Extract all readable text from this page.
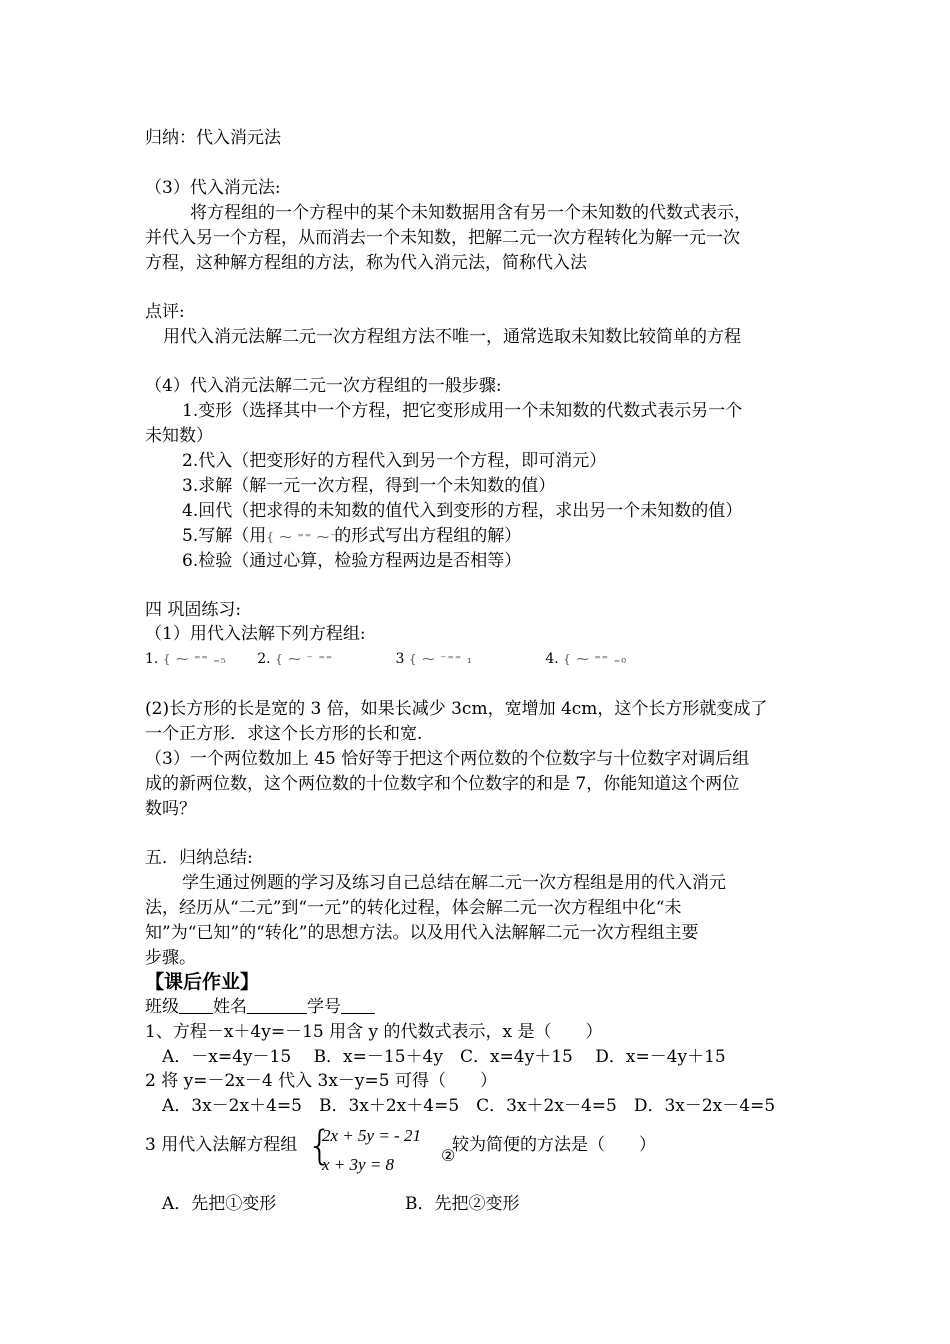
归纳：代入消元法
（3）代入消元法:
将方程组的一个方程中的某个未知数据用含有另一个未知数的代数式表示，
并代入另一个方程，从而消去一个未知数，把解二元一次方程转化为解一元一次
方程，这种解方程组的方法，称为代入消元法，简称代入法
点评:
用代入消元法解二元一次方程组方法不唯一，通常选取未知数比较简单的方程
（4）代入消元法解二元一次方程组的一般步骤:
1.变形（选择其中一个方程，把它变形成用一个未知数的代数式表示另一个
未知数）
2.代入（把变形好的方程代入到另一个方程，即可消元）
3.求解（解一元一次方程，得到一个未知数的值）
4.回代（把求得的未知数的值代入到变形的方程，求出另一个未知数的值）
5.写解（用{ ⁓ ⁼⁼ ⁓⁻的形式写出方程组的解）
6.检验（通过心算，检验方程两边是否相等）
四 巩固练习:
（1）用代入法解下列方程组:
1. { ⁓ ⁼⁼ ₌₅ 2. { ⁓ ⁻ ⁼⁼	3 { ⁓ ⁻⁼⁼ ₁	4. { ⁓ ⁼⁼ ₌₀
(2)长方形的长是宽的 3 倍，如果长减少 3cm，宽增加 4cm，这个长方形就变成了
一个正方形．求这个长方形的长和宽.
（3）一个两位数加上 45 恰好等于把这个两位数的个位数字与十位数字对调后组
成的新两位数，这个两位数的十位数字和个位数字的和是 7，你能知道这个两位
数吗？
五．归纳总结:
学生通过例题的学习及练习自己总结在解二元一次方程组是用的代入消元
法，经历从“二元”到“一元”的转化过程，体会解二元一次方程组中化“未
知”为“已知”的“转化”的思想方法。以及用代入法解解二元一次方程组主要
步骤。
【课后作业】
班级 姓名	学号
1、方程－x＋4y=－15 用含 y 的代数式表示，x 是（　　）
A．－x=4y－15　 B．x=－15＋4y　C．x=4y＋15　 D．x=－4y＋15
2 将 y=－2x－4 代入 3x－y=5 可得（　　）
A．3x－2x＋4=5　B．3x＋2x＋4=5　C．3x＋2x－4=5　D．3x－2x－4=5
3 用代入法解方程组 {
2x + 5y = - 21
x + 3y = 8	②
较为简便的方法是（　　）
A．先把①变形	B．先把②变形
